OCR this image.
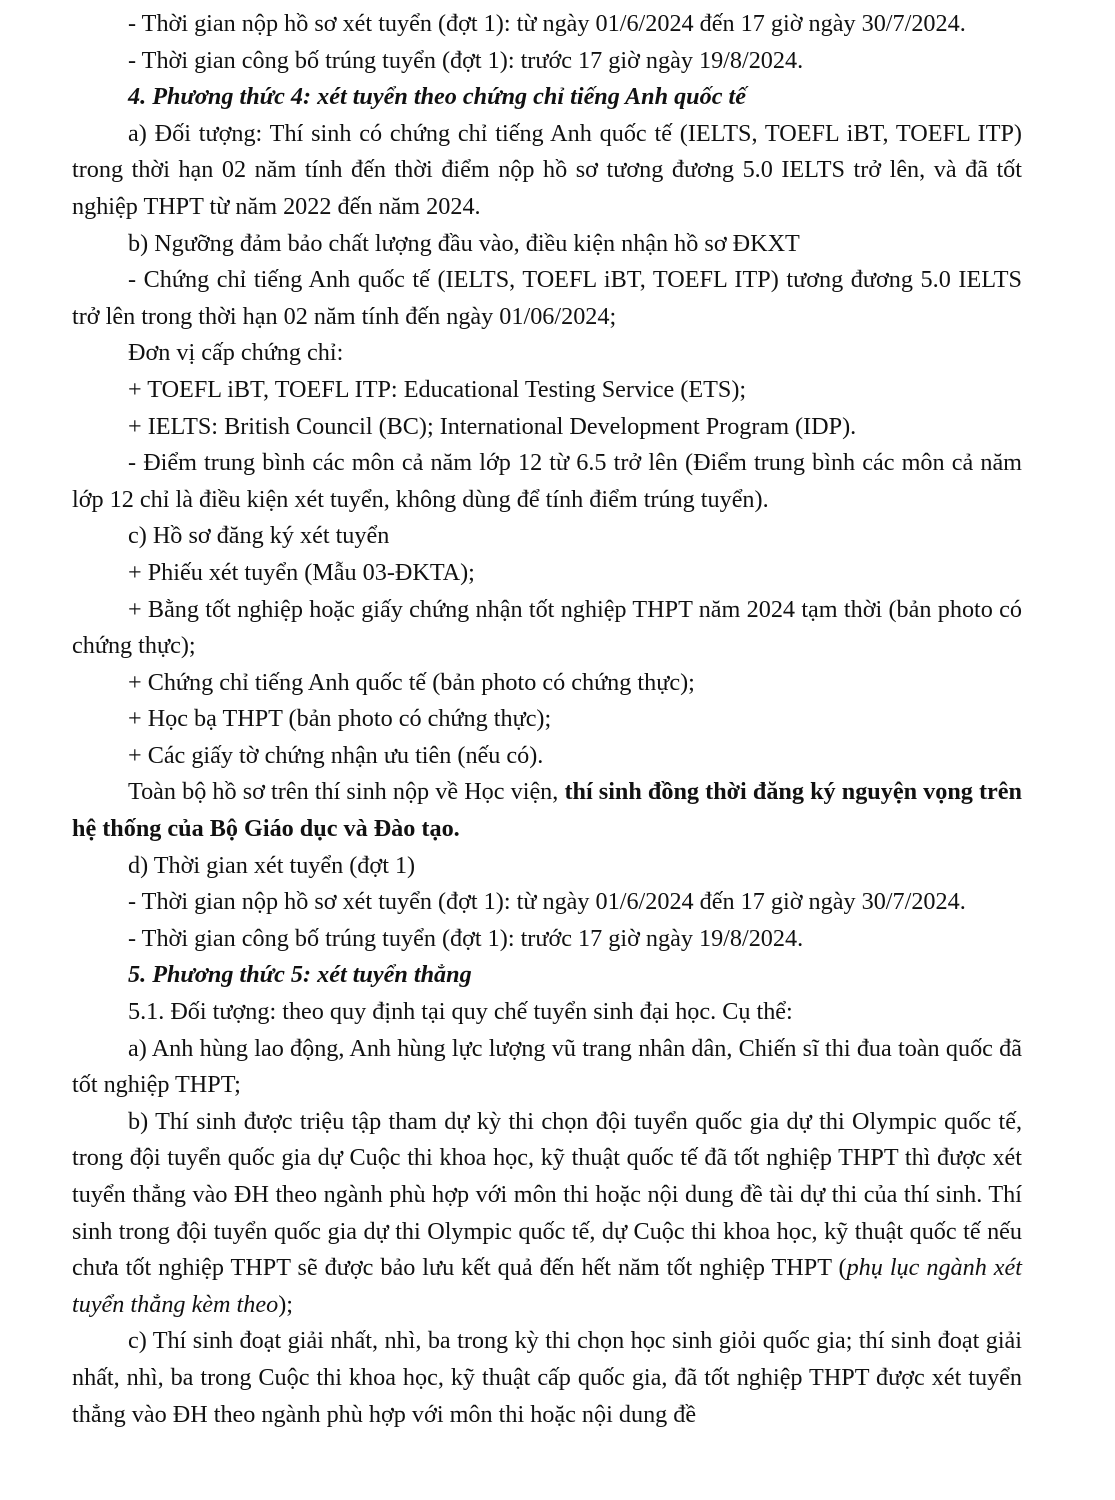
- Thời gian nộp hồ sơ xét tuyển (đợt 1): từ ngày 01/6/2024 đến 17 giờ ngày 30/7/2024.

- Thời gian công bố trúng tuyển (đợt 1): trước 17 giờ ngày 19/8/2024.

4. Phương thức 4: xét tuyển theo chứng chỉ tiếng Anh quốc tế

a) Đối tượng: Thí sinh có chứng chỉ tiếng Anh quốc tế (IELTS, TOEFL iBT, TOEFL ITP) trong thời hạn 02 năm tính đến thời điểm nộp hồ sơ tương đương 5.0 IELTS trở lên, và đã tốt nghiệp THPT từ năm 2022 đến năm 2024.

b) Ngưỡng đảm bảo chất lượng đầu vào, điều kiện nhận hồ sơ ĐKXT

- Chứng chỉ tiếng Anh quốc tế (IELTS, TOEFL iBT, TOEFL ITP) tương đương 5.0 IELTS trở lên trong thời hạn 02 năm tính đến ngày 01/06/2024;

Đơn vị cấp chứng chỉ:

+ TOEFL iBT, TOEFL ITP: Educational Testing Service (ETS);

+ IELTS: British Council (BC); International Development Program (IDP).

- Điểm trung bình các môn cả năm lớp 12 từ 6.5 trở lên (Điểm trung bình các môn cả năm lớp 12 chỉ là điều kiện xét tuyển, không dùng để tính điểm trúng tuyển).

c) Hồ sơ đăng ký xét tuyển

+ Phiếu xét tuyển (Mẫu 03-ĐKTA);

+ Bằng tốt nghiệp hoặc giấy chứng nhận tốt nghiệp THPT năm 2024 tạm thời (bản photo có chứng thực);

+ Chứng chỉ tiếng Anh quốc tế (bản photo có chứng thực);

+ Học bạ THPT (bản photo có chứng thực);

+ Các giấy tờ chứng nhận ưu tiên (nếu có).

Toàn bộ hồ sơ trên thí sinh nộp về Học viện, thí sinh đồng thời đăng ký nguyện vọng trên hệ thống của Bộ Giáo dục và Đào tạo.

d) Thời gian xét tuyển (đợt 1)

- Thời gian nộp hồ sơ xét tuyển (đợt 1): từ ngày 01/6/2024 đến 17 giờ ngày 30/7/2024.

- Thời gian công bố trúng tuyển (đợt 1): trước 17 giờ ngày 19/8/2024.

5. Phương thức 5: xét tuyển thẳng

5.1. Đối tượng: theo quy định tại quy chế tuyển sinh đại học. Cụ thể:

a) Anh hùng lao động, Anh hùng lực lượng vũ trang nhân dân, Chiến sĩ thi đua toàn quốc đã tốt nghiệp THPT;

b) Thí sinh được triệu tập tham dự kỳ thi chọn đội tuyển quốc gia dự thi Olympic quốc tế, trong đội tuyển quốc gia dự Cuộc thi khoa học, kỹ thuật quốc tế đã tốt nghiệp THPT thì được xét tuyển thẳng vào ĐH theo ngành phù hợp với môn thi hoặc nội dung đề tài dự thi của thí sinh. Thí sinh trong đội tuyển quốc gia dự thi Olympic quốc tế, dự Cuộc thi khoa học, kỹ thuật quốc tế nếu chưa tốt nghiệp THPT sẽ được bảo lưu kết quả đến hết năm tốt nghiệp THPT (phụ lục ngành xét tuyển thẳng kèm theo);

c) Thí sinh đoạt giải nhất, nhì, ba trong kỳ thi chọn học sinh giỏi quốc gia; thí sinh đoạt giải nhất, nhì, ba trong Cuộc thi khoa học, kỹ thuật cấp quốc gia, đã tốt nghiệp THPT được xét tuyển thẳng vào ĐH theo ngành phù hợp với môn thi hoặc nội dung đề
